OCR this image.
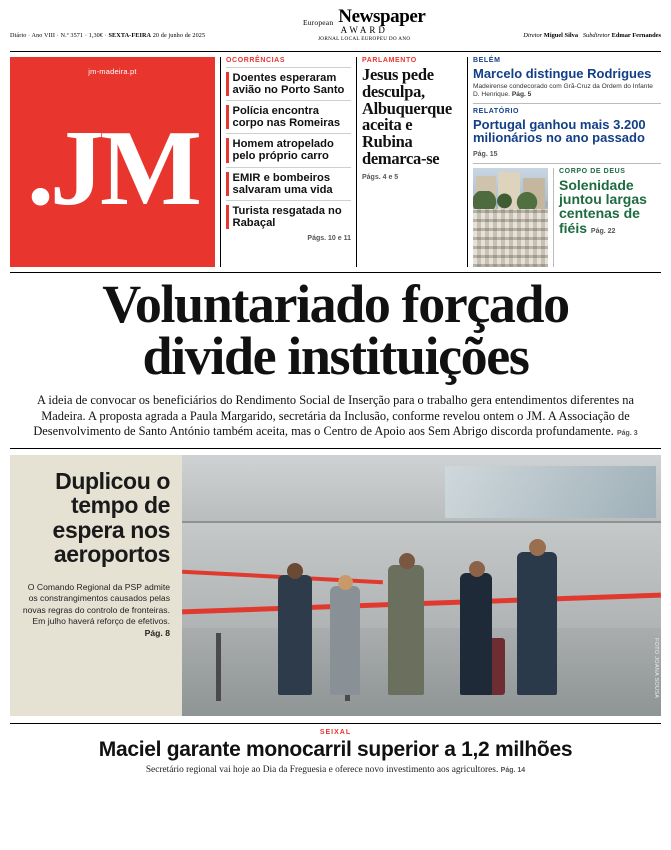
Diário · Ano VIII · N.º 3571 · 1,30€ · SEXTA-FEIRA 20 de junho de 2025
European Newspaper
AWARD
JORNAL LOCAL EUROPEU DO ANO	Diretor Miguel Silva Subdiretor Edmar Fernandes
jm-madeira.pt
.JM
OCORRÊNCIAS
Doentes esperaram avião no Porto Santo
Polícia encontra corpo nas Romeiras
Homem atropelado pelo próprio carro
EMIR e bombeiros salvaram uma vida
Turista resgatada no Rabaçal
Págs. 10 e 11
PARLAMENTO
Jesus pede desculpa, Albuquerque aceita e Rubina demarca-se
Págs. 4 e 5
BELÉM
Marcelo distingue Rodrigues
Madeirense condecorado com Grã-Cruz da Ordem do Infante D. Henrique. Pág. 5
RELATÓRIO
Portugal ganhou mais 3.200 milionários no ano passado Pág. 15
CORPO DE DEUS
Solenidade juntou largas centenas de fiéis Pág. 22
Voluntariado forçado
divide instituições
A ideia de convocar os beneficiários do Rendimento Social de Inserção para o trabalho gera entendimentos diferentes na Madeira. A proposta agrada a Paula Margarido, secretária da Inclusão, conforme revelou ontem o JM. A Associação de Desenvolvimento de Santo António também aceita, mas o Centro de Apoio aos Sem Abrigo discorda profundamente. Pág. 3
Duplicou o tempo de espera nos aeroportos

O Comando Regional da PSP admite os constrangimentos causados pelas novas regras do controlo de fronteiras. Em julho haverá reforço de efetivos. Pág. 8

FOTO JOANA SOUSA
SEIXAL
Maciel garante monocarril superior a 1,2 milhões

Secretário regional vai hoje ao Dia da Freguesia e oferece novo investimento aos agricultores. Pág. 14
